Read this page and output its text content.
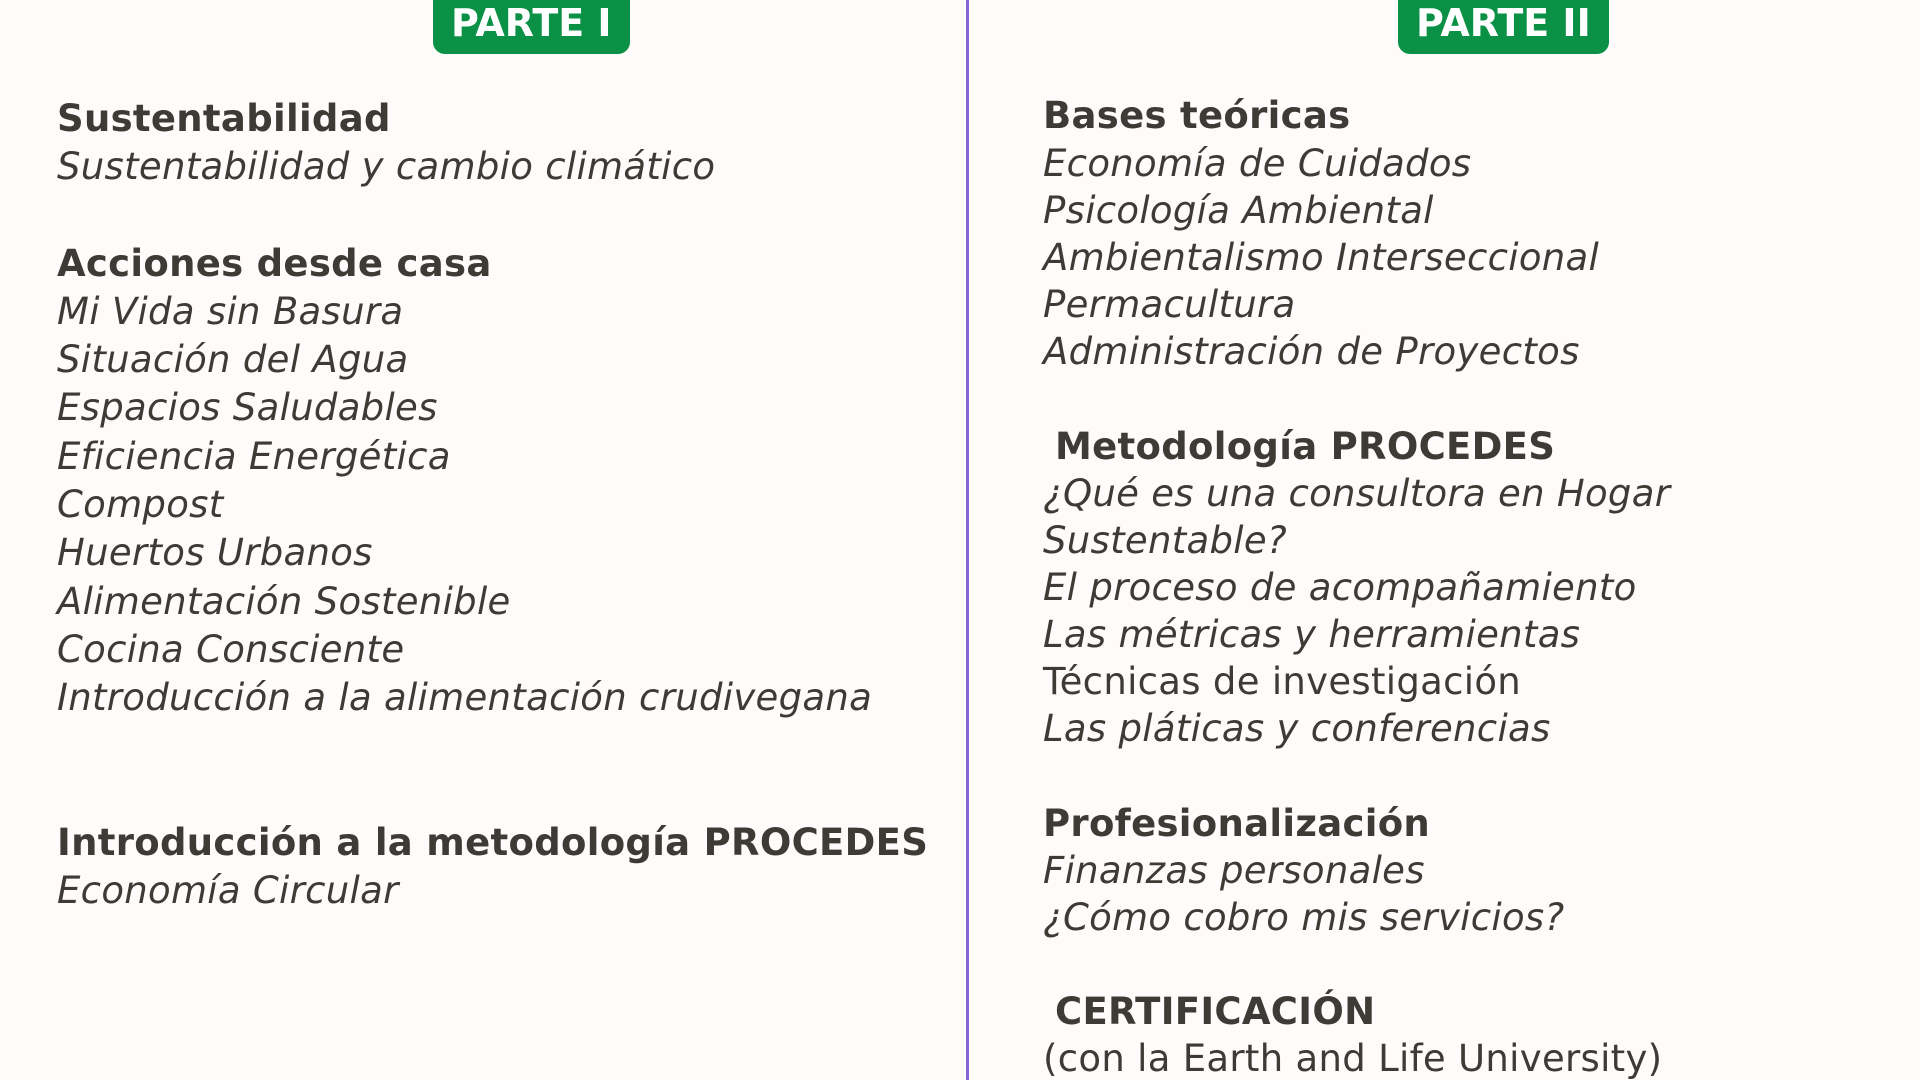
PARTE I	PARTE II
Sustentabilidad
Sustentabilidad y cambio climático
Acciones desde casa
Mi Vida sin Basura
Situación del Agua
Espacios Saludables
Eficiencia Energética
Compost
Huertos Urbanos
Alimentación Sostenible
Cocina Consciente
Introducción a la alimentación crudivegana
Introducción a la metodología PROCEDES
Economía Circular
Bases teóricas
Economía de Cuidados
Psicología Ambiental
Ambientalismo Interseccional
Permacultura
Administración de Proyectos
Metodología PROCEDES
¿Qué es una consultora en Hogar
Sustentable?
El proceso de acompañamiento
Las métricas y herramientas
Técnicas de investigación
Las pláticas y conferencias
Profesionalización
Finanzas personales
¿Cómo cobro mis servicios?
CERTIFICACIÓN
(con la Earth and Life University)
